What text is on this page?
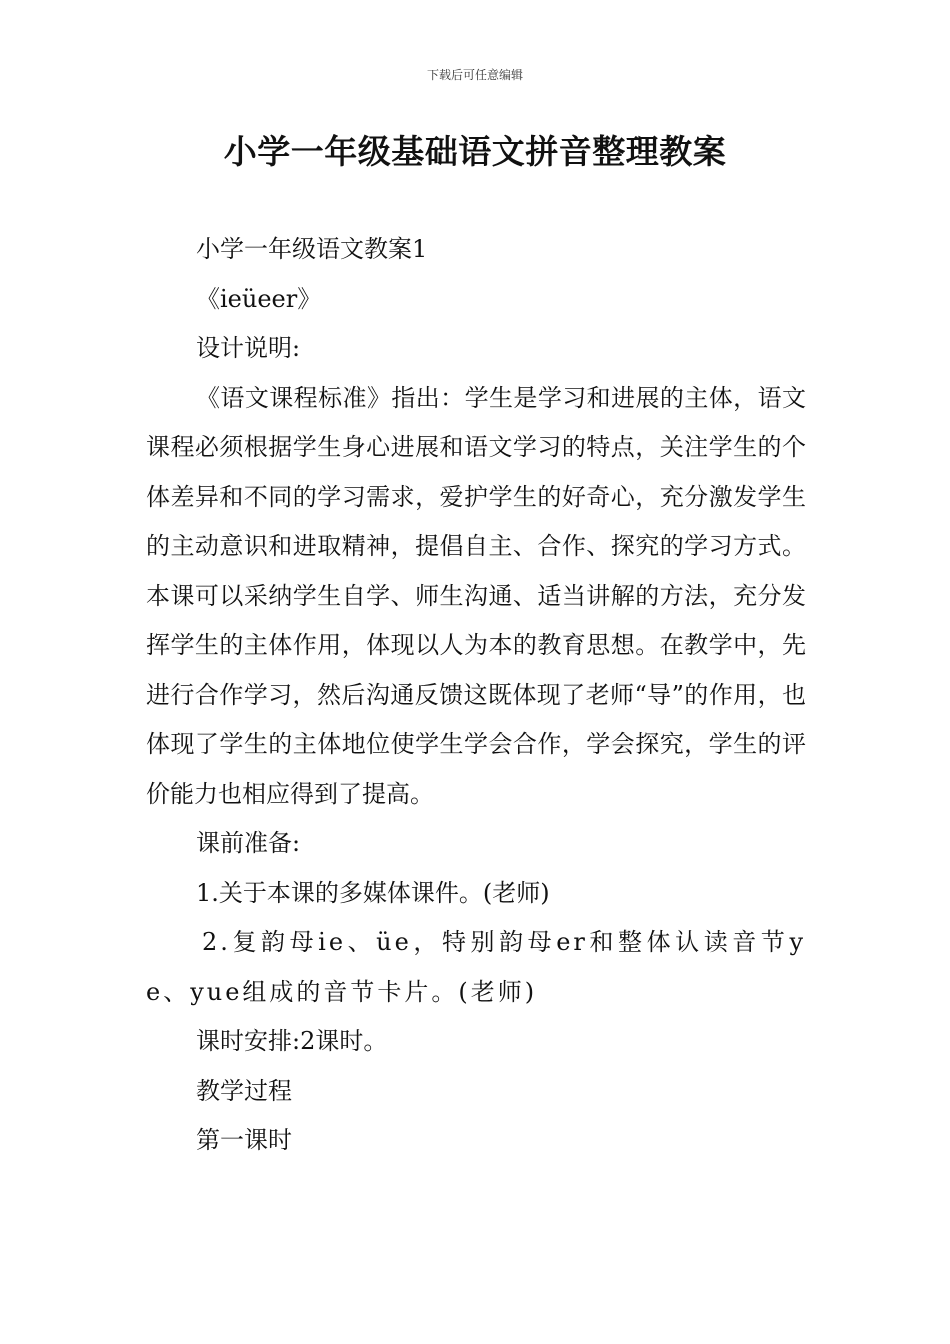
下载后可任意编辑
小学一年级基础语文拼音整理教案

小学一年级语文教案1

《ieüeer》

设计说明:

《语文课程标准》指出：学生是学习和进展的主体，语文课程必须根据学生身心进展和语文学习的特点，关注学生的个体差异和不同的学习需求，爱护学生的好奇心，充分激发学生的主动意识和进取精神，提倡自主、合作、探究的学习方式。本课可以采纳学生自学、师生沟通、适当讲解的方法，充分发挥学生的主体作用，体现以人为本的教育思想。在教学中，先进行合作学习，然后沟通反馈这既体现了老师“导”的作用，也体现了学生的主体地位使学生学会合作，学会探究，学生的评价能力也相应得到了提高。

课前准备:

1.关于本课的多媒体课件。(老师)

2.复韵母ie、üe，特别韵母er和整体认读音节ye、yue组成的音节卡片。(老师)

课时安排:2课时。

教学过程

第一课时
